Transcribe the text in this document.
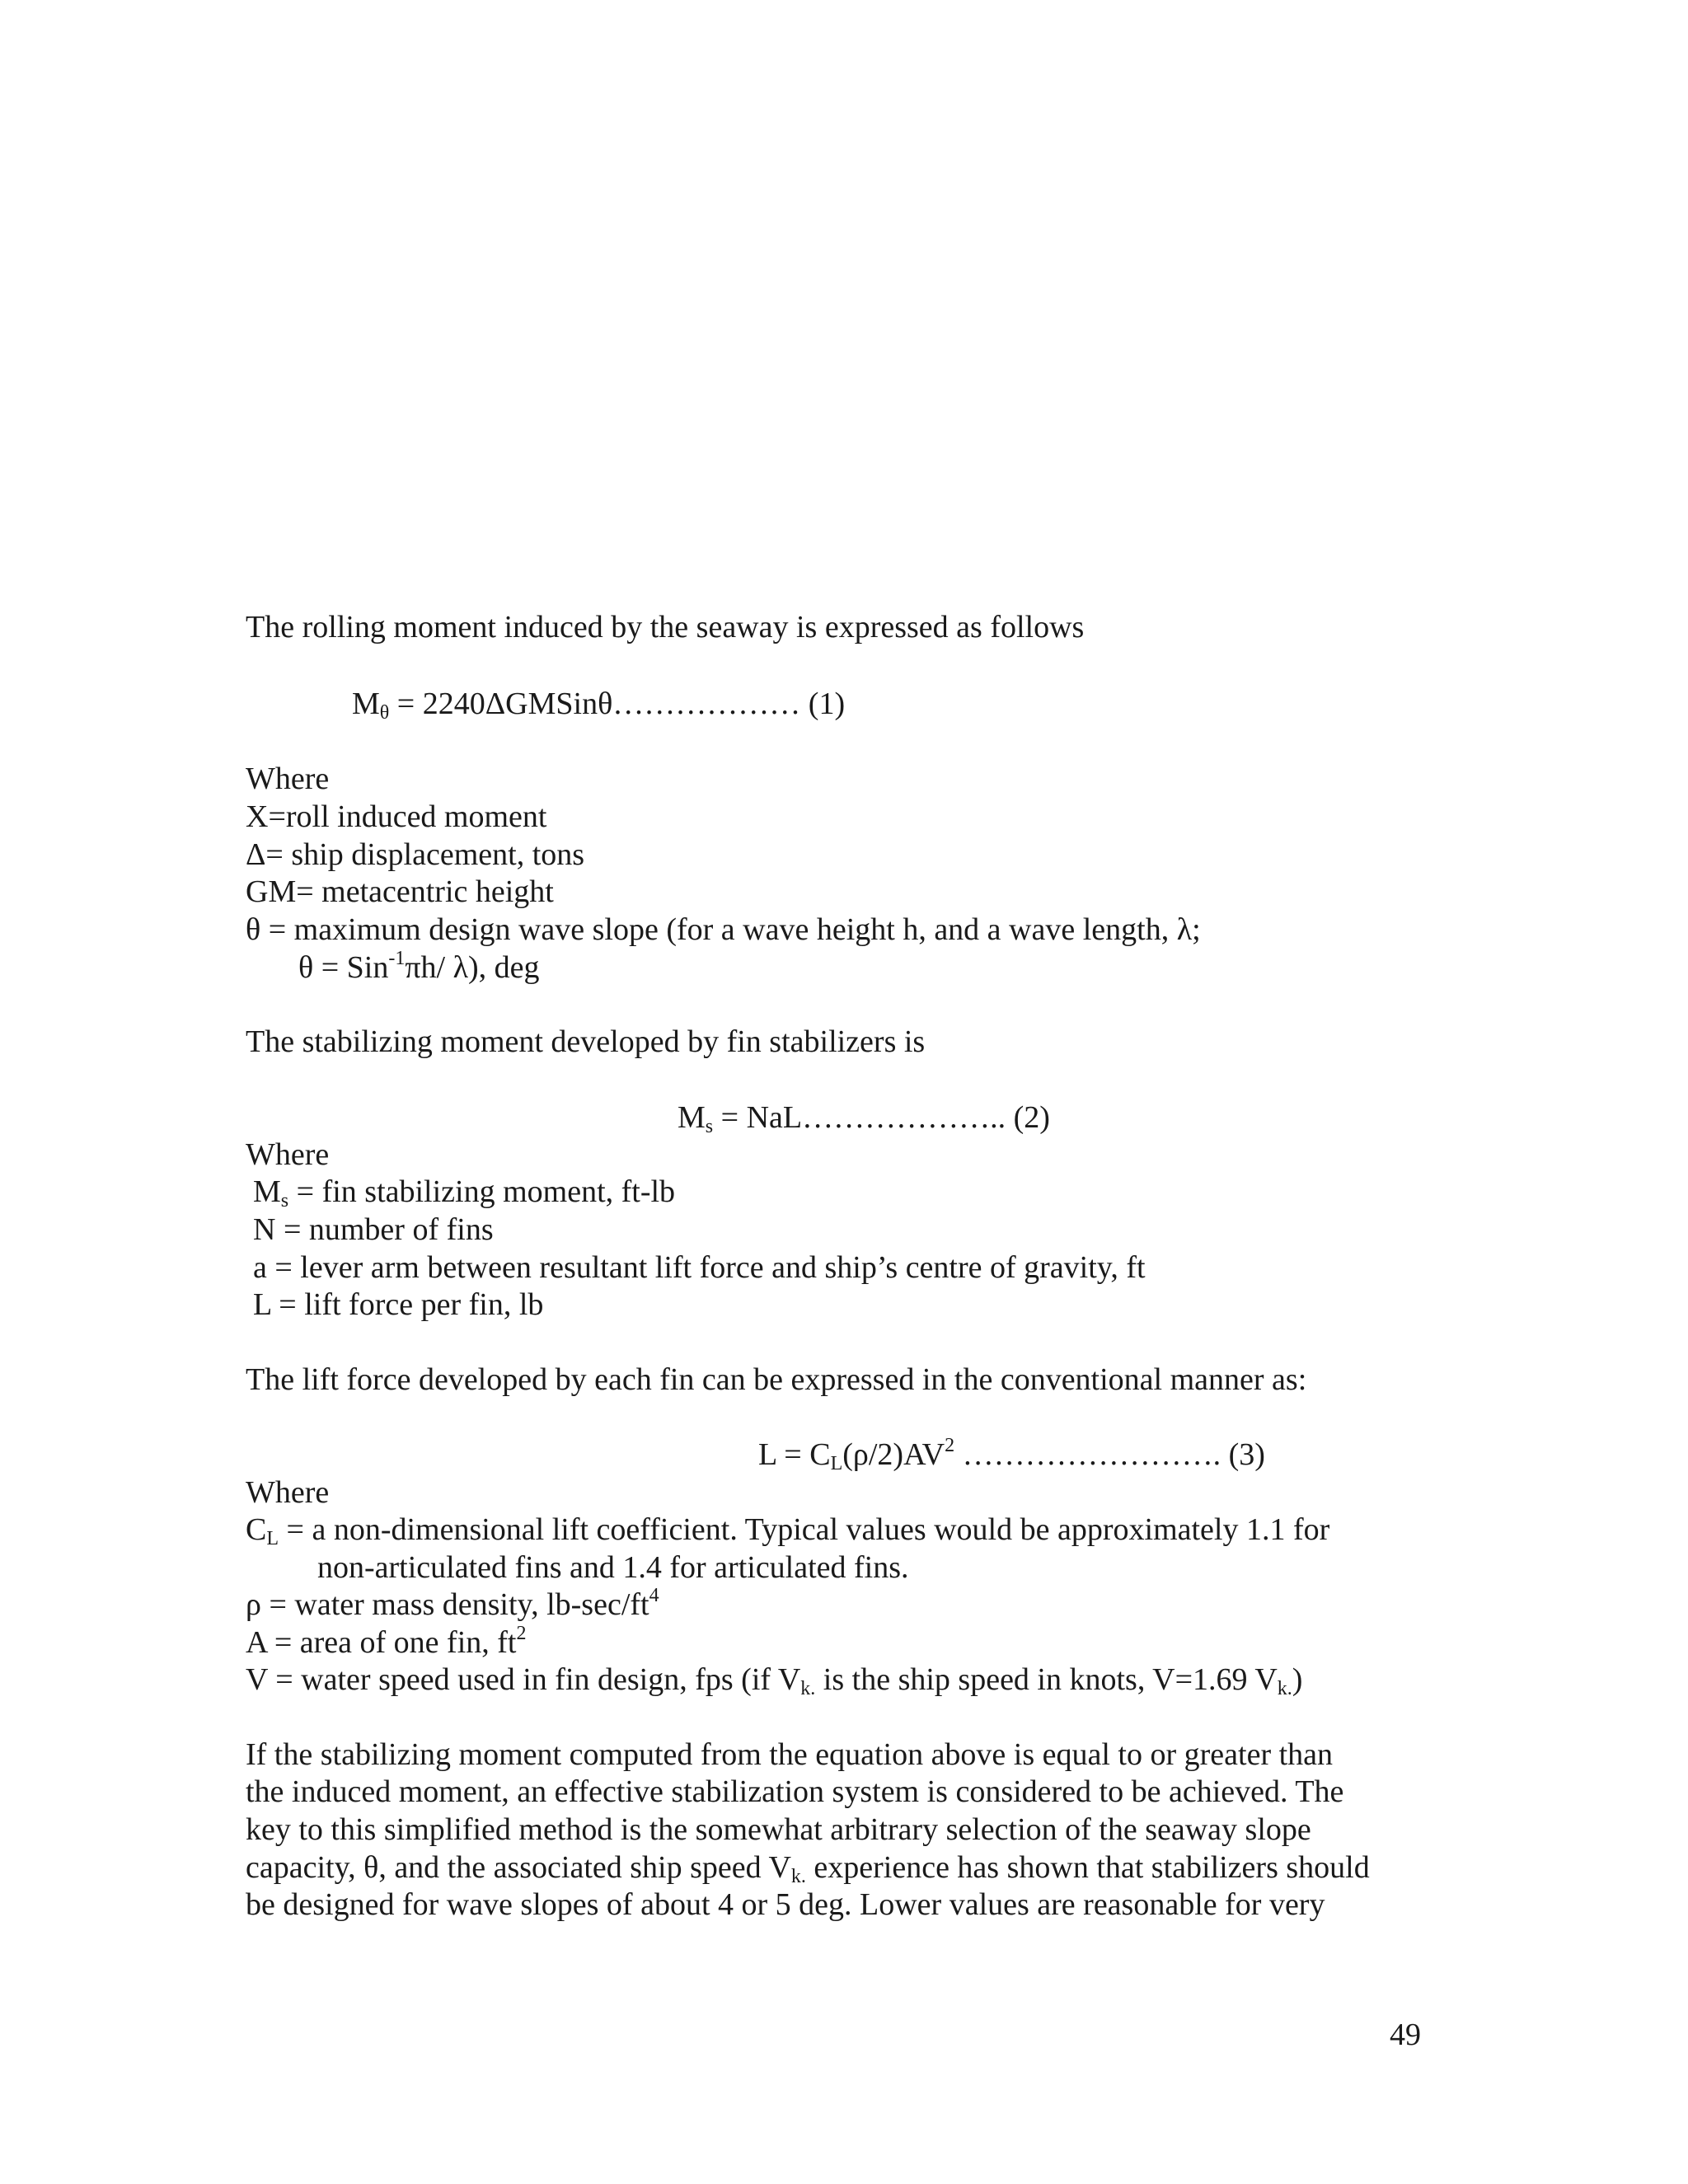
The rolling moment induced by the seaway is expressed as follows
$M_\theta$ = 2240ΔGMSinθ……………… (1)
Where
X=roll induced moment
Δ= ship displacement, tons
GM= metacentric height
θ = maximum design wave slope (for a wave height h, and a wave length, λ;
θ = Sin$^{-1}$πh/ λ), deg
The stabilizing moment developed by fin stabilizers is
$M_s$ = NaL……………….. (2)
Where
$M_s$ = fin stabilizing moment, ft-lb
N = number of fins
a = lever arm between resultant lift force and ship’s centre of gravity, ft
L = lift force per fin, lb
The lift force developed by each fin can be expressed in the conventional manner as:
$L = C_L(\rho/2)AV^2$ ……………………. (3)
Where
$C_L = a$ non-dimensional lift coefficient. Typical values would be approximately 1.1 for
non-articulated fins and 1.4 for articulated fins.
ρ = water mass density, $lb-\sec/ft^4$
A = area of one fin, $ft^2$
V = water speed used in fin design, fps (if $V_{k.}$ is the ship speed in knots, V=1.69 $V_{k.}$)
If the stabilizing moment computed from the equation above is equal to or greater than
the induced moment, an effective stabilization system is considered to be achieved. The
key to this simplified method is the somewhat arbitrary selection of the seaway slope
capacity, θ, and the associated ship speed $V_{k.}$ experience has shown that stabilizers should
be designed for wave slopes of about 4 or 5 deg. Lower values are reasonable for very
49
